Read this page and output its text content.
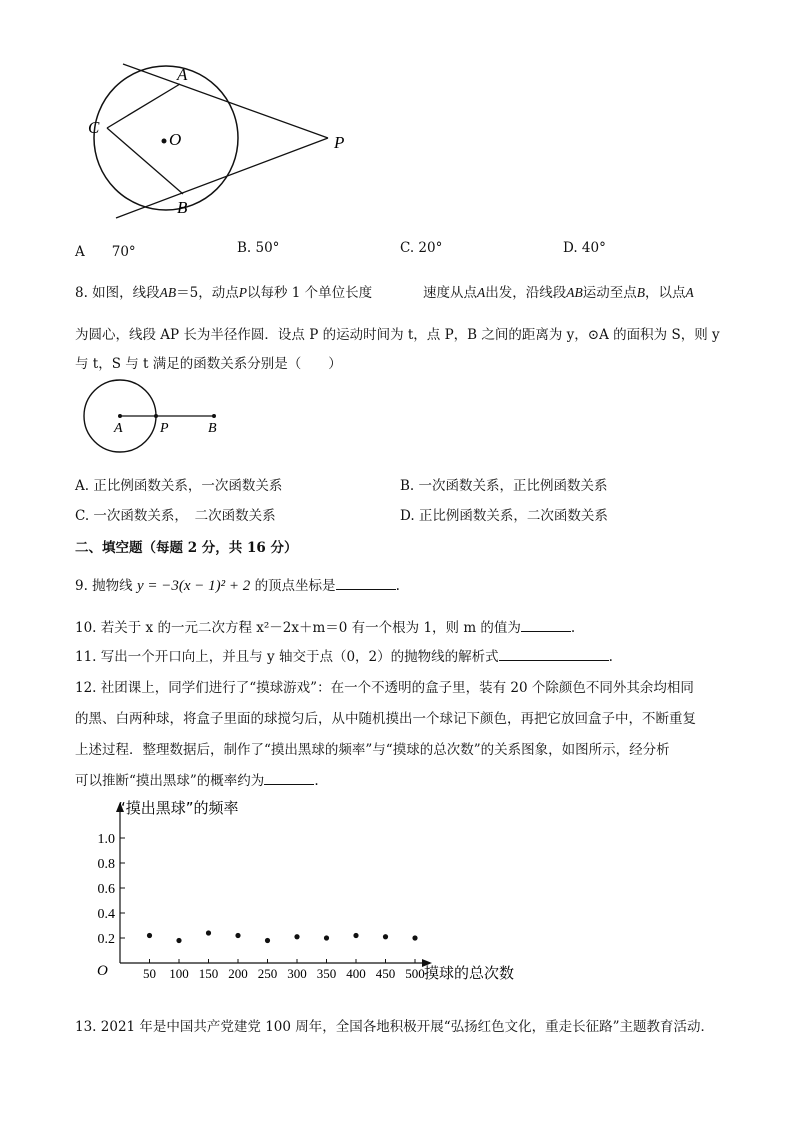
A
C
O	P
B
A　　70°	B. 50°	C. 20°	D. 40°
8. 如图，线段AB＝5，动点P以每秒 1 个单位长度	速度从点A出发，沿线段AB运动至点B，以点A
为圆心，线段 AP 长为半径作圆．设点 P 的运动时间为 t，点 P，B 之间的距离为 y，⊙A 的面积为 S，则 y
与 t，S 与 t 满足的函数关系分别是（　　）
A	P	B
A. 正比例函数关系，一次函数关系	B. 一次函数关系，正比例函数关系
C. 一次函数关系，　二次函数关系	D. 正比例函数关系，二次函数关系
二、填空题（每题 2 分，共 16 分）
9. 抛物线 y = −3(x − 1)² + 2 的顶点坐标是	.
10. 若关于 x 的一元二次方程 x²－2x＋m＝0 有一个根为 1，则 m 的值为	.
11. 写出一个开口向上，并且与 y 轴交于点（0，2）的抛物线的解析式	.
12. 社团课上，同学们进行了“摸球游戏”：在一个不透明的盒子里，装有 20 个除颜色不同外其余均相同
的黑、白两种球，将盒子里面的球搅匀后，从中随机摸出一个球记下颜色，再把它放回盒子中，不断重复
上述过程．整理数据后，制作了“摸出黑球的频率”与“摸球的总次数”的关系图象，如图所示，经分析
可以推断“摸出黑球”的概率约为	.
“摸出黑球”的频率
摸球的总次数
O
0.2
0.4
0.6
0.8
1.0
50 100 150 200 250 300 350 400 450 500
13. 2021 年是中国共产党建党 100 周年，全国各地积极开展“弘扬红色文化，重走长征路”主题教育活动．
